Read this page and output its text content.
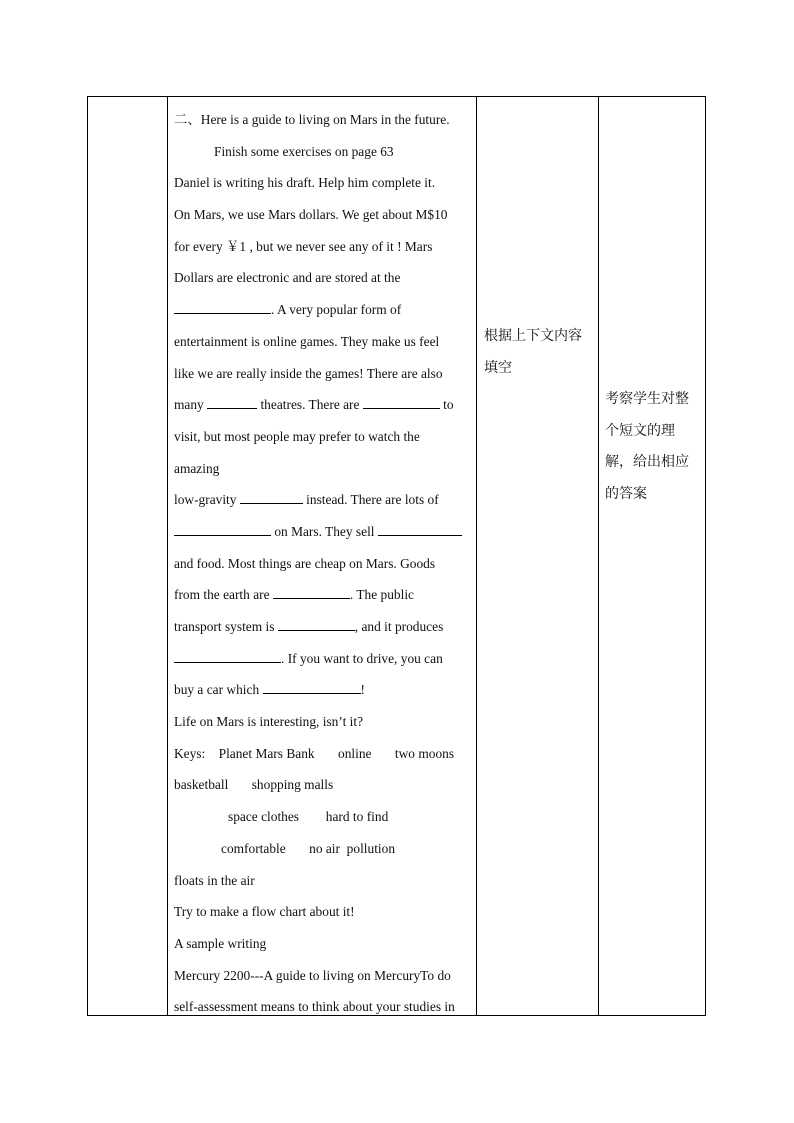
二、Here is a guide to living on Mars in the future.
Finish some exercises on page 63
Daniel is writing his draft. Help him complete it.
On Mars, we use Mars dollars. We get about M$10
for every ￥1 , but we never see any of it ! Mars
Dollars are electronic and are stored at the
. A very popular form of
entertainment is online games. They make us feel
like we are really inside the games! There are also
many	theatres. There are	to
visit, but most people may prefer to watch the
amazing
low-gravity	instead. There are lots of
on Mars. They sell
and food. Most things are cheap on Mars. Goods
from the earth are	. The public
transport system is	, and it produces
. If you want to drive, you can
buy a car which	!
Life on Mars is interesting, isn’t it?
Keys:    Planet Mars Bank       online       two moons
basketball       shopping malls
space clothes        hard to find
comfortable       no air  pollution
floats in the air
Try to make a flow chart about it!
A sample writing
Mercury 2200---A guide to living on MercuryTo do
self-assessment means to think about your studies in
根据上下文内容填空
考察学生对整个短文的理解，给出相应的答案
